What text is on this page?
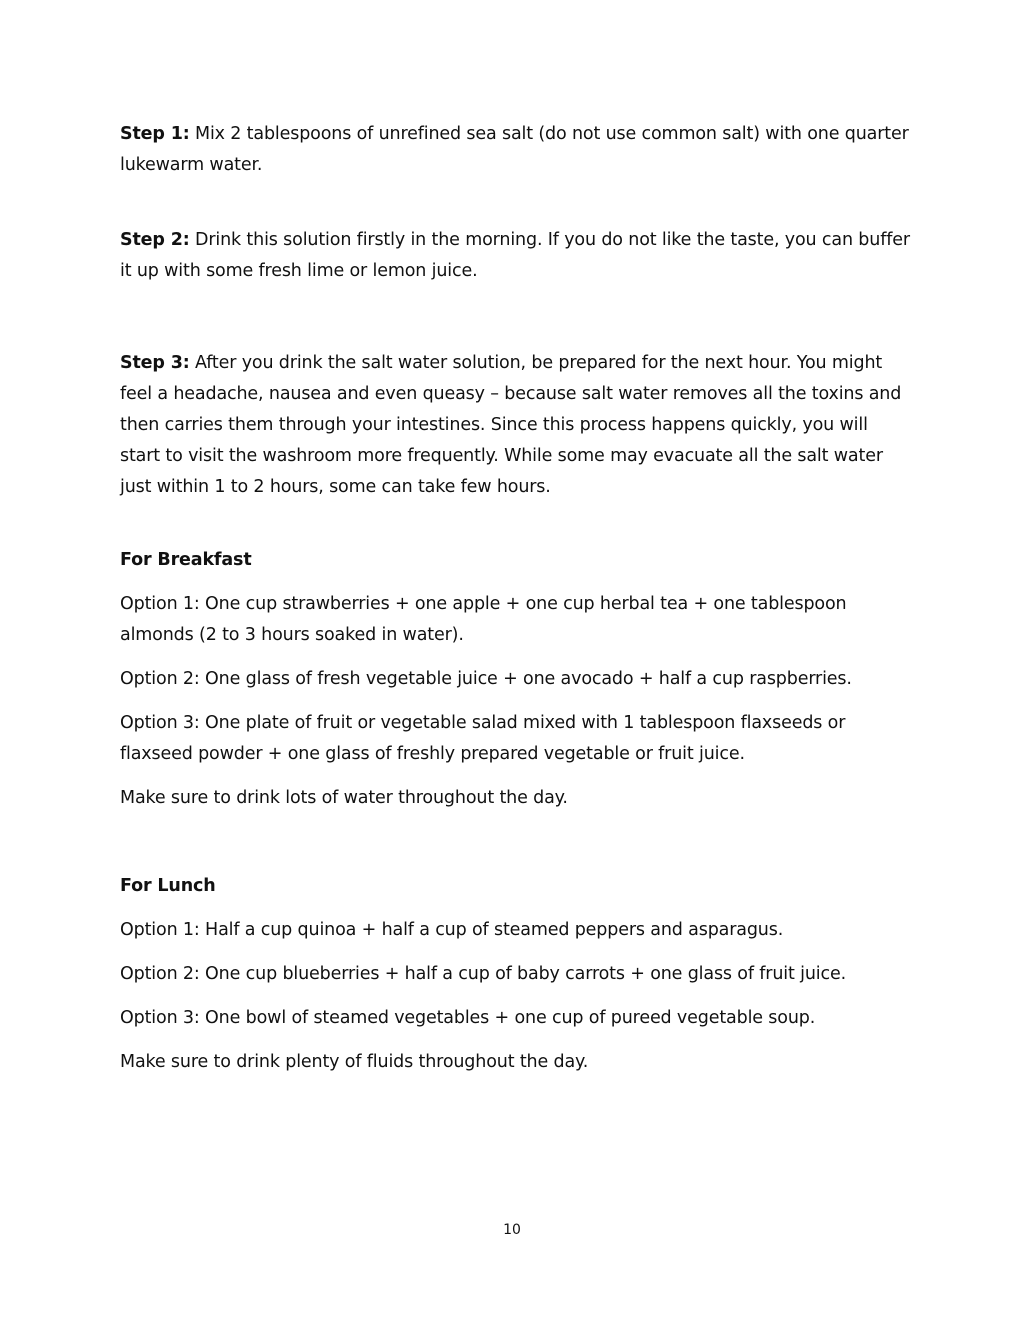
Step 1: Mix 2 tablespoons of unrefined sea salt (do not use common salt) with one quarter lukewarm water.
Step 2: Drink this solution firstly in the morning. If you do not like the taste, you can buffer it up with some fresh lime or lemon juice.
Step 3: After you drink the salt water solution, be prepared for the next hour. You might feel a headache, nausea and even queasy – because salt water removes all the toxins and then carries them through your intestines. Since this process happens quickly, you will start to visit the washroom more frequently. While some may evacuate all the salt water just within 1 to 2 hours, some can take few hours.
For Breakfast
Option 1: One cup strawberries + one apple + one cup herbal tea + one tablespoon almonds (2 to 3 hours soaked in water).
Option 2: One glass of fresh vegetable juice + one avocado + half a cup raspberries.
Option 3: One plate of fruit or vegetable salad mixed with 1 tablespoon flaxseeds or flaxseed powder + one glass of freshly prepared vegetable or fruit juice.
Make sure to drink lots of water throughout the day.
For Lunch
Option 1: Half a cup quinoa + half a cup of steamed peppers and asparagus.
Option 2: One cup blueberries + half a cup of baby carrots + one glass of fruit juice.
Option 3: One bowl of steamed vegetables + one cup of pureed vegetable soup.
Make sure to drink plenty of fluids throughout the day.
10
